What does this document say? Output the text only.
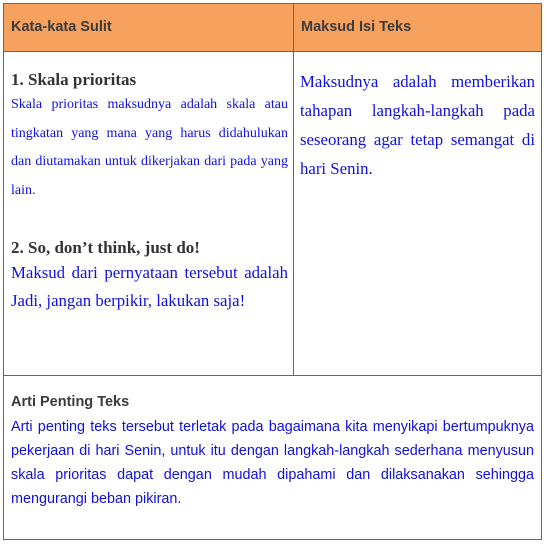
Kata-kata Sulit	Maksud Isi Teks

1. Skala prioritas

Skala prioritas maksudnya adalah skala atau tingkatan yang mana yang harus didahulukan dan diutamakan untuk dikerjakan dari pada yang lain.

2. So, don’t think, just do!

Maksud dari pernyataan tersebut adalah Jadi, jangan berpikir, lakukan saja!

Maksudnya adalah memberikan tahapan langkah-langkah pada seseorang agar tetap semangat di hari Senin.

Arti Penting Teks

Arti penting teks tersebut terletak pada bagaimana kita menyikapi bertumpuknya pekerjaan di hari Senin, untuk itu dengan langkah-langkah sederhana menyusun skala prioritas dapat dengan mudah dipahami dan dilaksanakan sehingga mengurangi beban pikiran.
